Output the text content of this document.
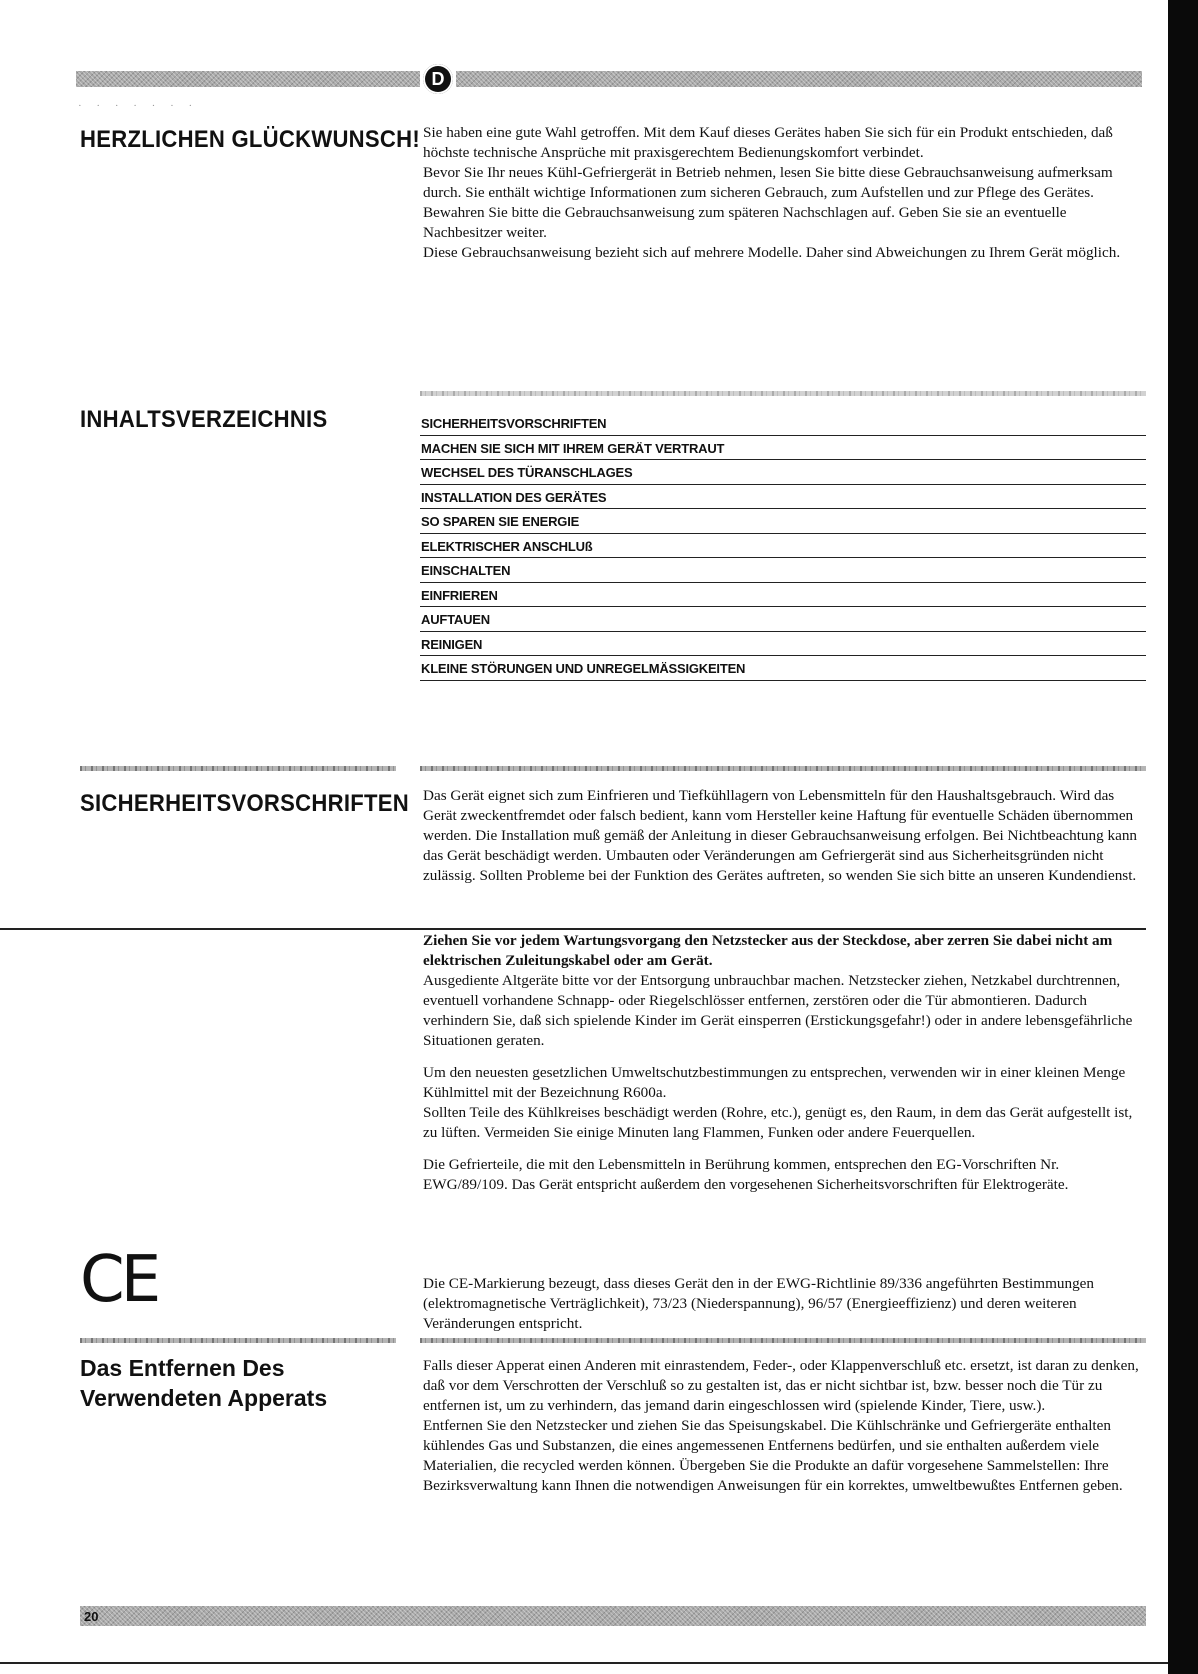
D
· · · · · · ·
HERZLICHEN GLÜCKWUNSCH! Sie haben eine gute Wahl getroffen. Mit dem Kauf dieses Gerätes haben Sie sich für ein Produkt entschieden, daß höchste technische Ansprüche mit praxisgerechtem Bedienungskomfort verbindet.

Bevor Sie Ihr neues Kühl-Gefriergerät in Betrieb nehmen, lesen Sie bitte diese Gebrauchsanweisung aufmerksam durch. Sie enthält wichtige Informationen zum sicheren Gebrauch, zum Aufstellen und zur Pflege des Gerätes.

Bewahren Sie bitte die Gebrauchsanweisung zum späteren Nachschlagen auf. Geben Sie sie an eventuelle Nachbesitzer weiter.

Diese Gebrauchsanweisung bezieht sich auf mehrere Modelle. Daher sind Abweichungen zu Ihrem Gerät möglich.

INHALTSVERZEICHNIS	SICHERHEITSVORSCHRIFTEN
MACHEN SIE SICH MIT IHREM GERÄT VERTRAUT
WECHSEL DES TÜRANSCHLAGES
INSTALLATION DES GERÄTES
SO SPAREN SIE ENERGIE
ELEKTRISCHER ANSCHLUß
EINSCHALTEN
EINFRIEREN
AUFTAUEN
REINIGEN
KLEINE STÖRUNGEN UND UNREGELMÄSSIGKEITEN
SICHERHEITSVORSCHRIFTEN Das Gerät eignet sich zum Einfrieren und Tiefkühllagern von Lebensmitteln für den Haushaltsgebrauch. Wird das Gerät zweckentfremdet oder falsch bedient, kann vom Hersteller keine Haftung für eventuelle Schäden übernommen werden. Die Installation muß gemäß der Anleitung in dieser Gebrauchsanweisung erfolgen. Bei Nichtbeachtung kann das Gerät beschädigt werden. Umbauten oder Veränderungen am Gefriergerät sind aus Sicherheitsgründen nicht zulässig. Sollten Probleme bei der Funktion des Gerätes auftreten, so wenden Sie sich bitte an unseren Kundendienst.

Ziehen Sie vor jedem Wartungsvorgang den Netzstecker aus der Steckdose, aber zerren Sie dabei nicht am elektrischen Zuleitungskabel oder am Gerät.

Ausgediente Altgeräte bitte vor der Entsorgung unbrauchbar machen. Netzstecker ziehen, Netzkabel durchtrennen, eventuell vorhandene Schnapp- oder Riegelschlösser entfernen, zerstören oder die Tür abmontieren. Dadurch verhindern Sie, daß sich spielende Kinder im Gerät einsperren (Erstickungsgefahr!) oder in andere lebensgefährliche Situationen geraten.

Um den neuesten gesetzlichen Umweltschutzbestimmungen zu entsprechen, verwenden wir in einer kleinen Menge Kühlmittel mit der Bezeichnung R600a.

Sollten Teile des Kühlkreises beschädigt werden (Rohre, etc.), genügt es, den Raum, in dem das Gerät aufgestellt ist, zu lüften. Vermeiden Sie einige Minuten lang Flammen, Funken oder andere Feuerquellen.

Die Gefrierteile, die mit den Lebensmitteln in Berührung kommen, entsprechen den EG-Vorschriften Nr. EWG/89/109. Das Gerät entspricht außerdem den vorgesehenen Sicherheitsvorschriften für Elektrogeräte.

CE	Die CE-Markierung bezeugt, dass dieses Gerät den in der EWG-Richtlinie 89/336 angeführten Bestimmungen (elektromagnetische Verträglichkeit), 73/23 (Niederspannung), 96/57 (Energieeffizienz) und deren weiteren Veränderungen entspricht.
Das Entfernen Des
Verwendeten Apperats

Falls dieser Apperat einen Anderen mit einrastendem, Feder-, oder Klappenverschluß etc. ersetzt, ist daran zu denken, daß vor dem Verschrotten der Verschluß so zu gestalten ist, das er nicht sichtbar ist, bzw. besser noch die Tür zu entfernen ist, um zu verhindern, das jemand darin eingeschlossen wird (spielende Kinder, Tiere, usw.).

Entfernen Sie den Netzstecker und ziehen Sie das Speisungskabel. Die Kühlschränke und Gefriergeräte enthalten kühlendes Gas und Substanzen, die eines angemessenen Entfernens bedürfen, und sie enthalten außerdem viele Materialien, die recycled werden können. Übergeben Sie die Produkte an dafür vorgesehene Sammelstellen: Ihre Bezirksverwaltung kann Ihnen die notwendigen Anweisungen für ein korrektes, umweltbewußtes Entfernen geben.

20
